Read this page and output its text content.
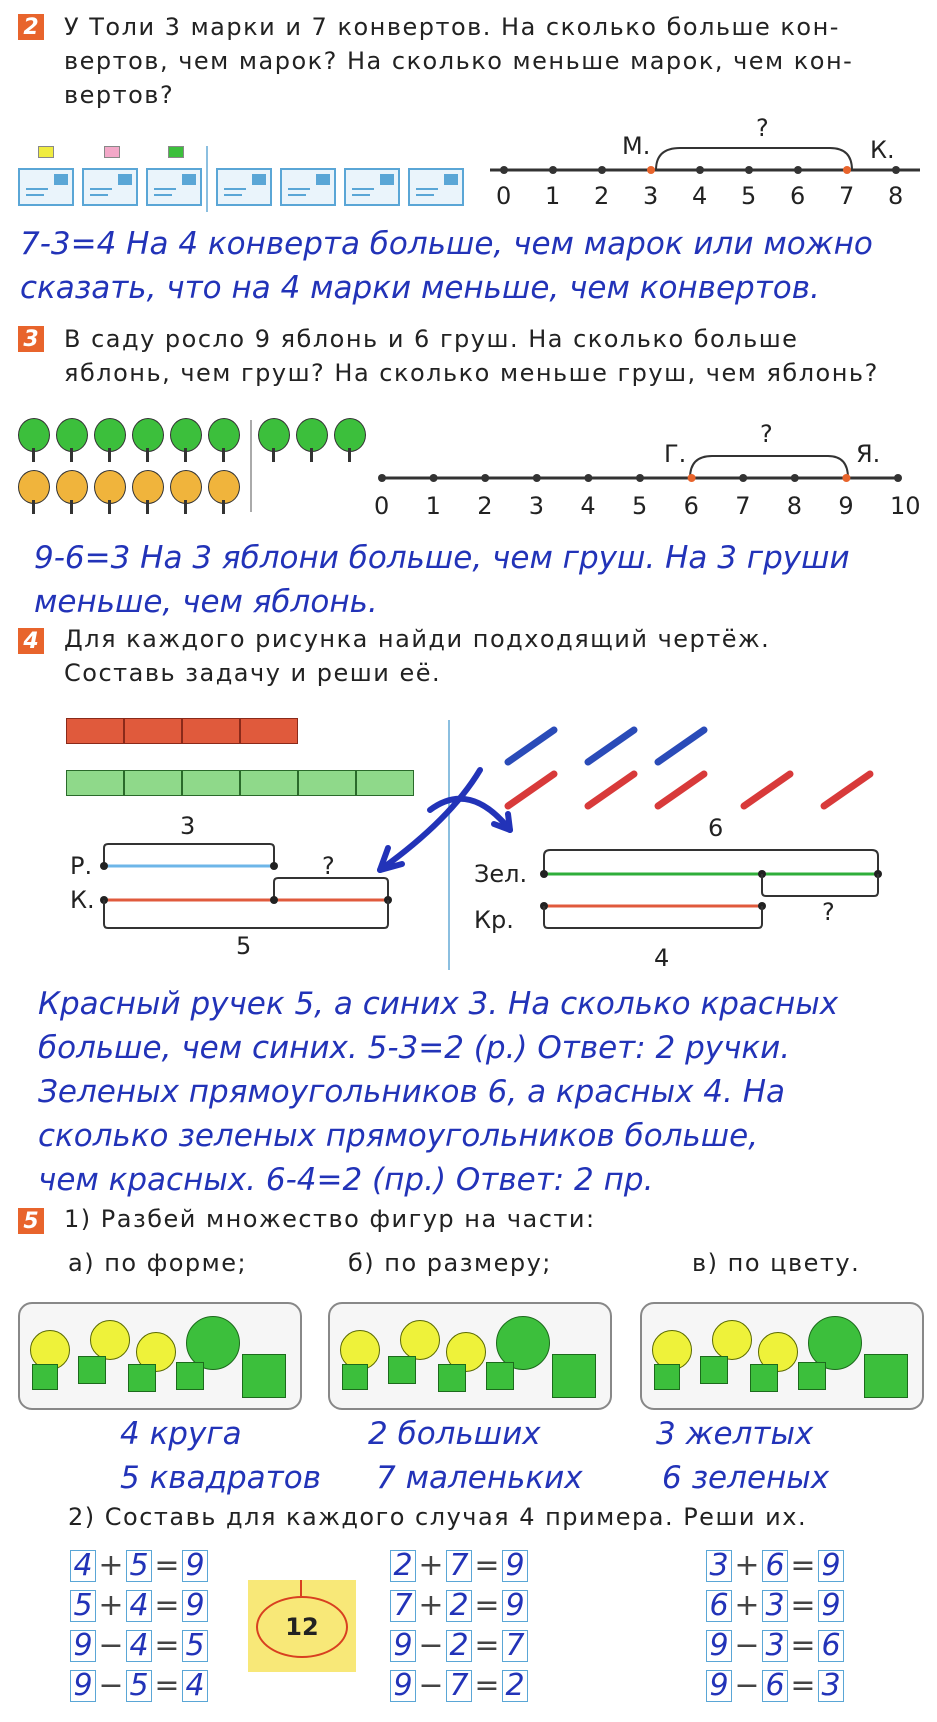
2 У Толи 3 марки и 7 конвертов. На сколько больше кон-
вертов, чем марок? На сколько меньше марок, чем кон-
вертов?
М.	К.
?
0 1 2 3 4 5 6 7 8
7-3=4 На 4 конверта больше, чем марок или можно
сказать, что на 4 марки меньше, чем конвертов.
3 В саду росло 9 яблонь и 6 груш. На сколько больше
яблонь, чем груш? На сколько меньше груш, чем яблонь?
Г.	Я.
?
0 1 2 3 4 5 6 7 8 9 10
9-6=3 На 3 яблони больше, чем груш. На 3 груши
меньше, чем яблонь.
4 Для каждого рисунка найди подходящий чертёж.
Составь задачу и реши её.
3
Р.
К.
?
5
6
Зел.
Кр.	?
4
Красный ручек 5, а синих 3. На сколько красных
больше, чем синих. 5-3=2 (р.) Ответ: 2 ручки.
Зеленых прямоугольников 6, а красных 4. На
сколько зеленых прямоугольников больше,
чем красных. 6-4=2 (пр.) Ответ: 2 пр.
5 1) Разбей множество фигур на части:
а) по форме;	б) по размеру;	в) по цвету.
4 круга
5 квадратов
2 больших
7 маленьких
3 желтых
6 зеленых
2) Составь для каждого случая 4 примера. Реши их.
12
4 + 5 = 9
5 + 4 = 9
9 − 4 = 5
9 − 5 = 4
2 + 7 = 9
7 + 2 = 9
9 − 2 = 7
9 − 7 = 2
3 + 6 = 9
6 + 3 = 9
9 − 3 = 6
9 − 6 = 3
